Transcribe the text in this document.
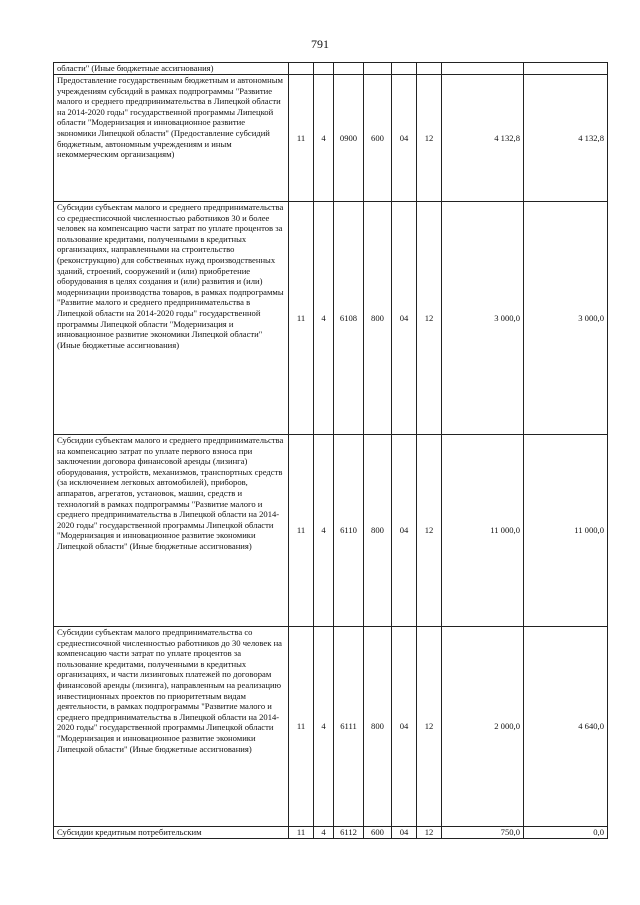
791
области" (Иные бюджетные ассигнования)								
Предоставление государственным бюджетным и автономным учреждениям субсидий в рамках подпрограммы "Развитие малого и среднего предпринимательства в Липецкой области на 2014-2020 годы" государственной программы Липецкой области "Модернизация и инновационное развитие экономики Липецкой области" (Предоставление субсидий бюджетным, автономным учреждениям и иным некоммерческим организациям)	11	4	0900	600	04	12	4 132,8	4 132,8
Субсидии субъектам малого и среднего предпринимательства со среднесписочной численностью работников 30 и более человек на компенсацию части затрат по уплате процентов за пользование кредитами, полученными в кредитных организациях, направленными на строительство (реконструкцию) для собственных нужд производственных зданий, строений, сооружений и (или) приобретение оборудования в целях создания и (или) развития и (или) модернизации производства товаров, в рамках подпрограммы "Развитие малого и среднего предпринимательства в Липецкой области на 2014-2020 годы" государственной программы Липецкой области "Модернизация и инновационное развитие экономики Липецкой области" (Иные бюджетные ассигнования)	11	4	6108	800	04	12	3 000,0	3 000,0
Субсидии субъектам малого и среднего предпринимательства на компенсацию затрат по уплате первого взноса при заключении договора финансовой аренды (лизинга) оборудования, устройств, механизмов, транспортных средств (за исключением легковых автомобилей), приборов, аппаратов, агрегатов, установок, машин, средств и технологий в рамках подпрограммы "Развитие малого и среднего предпринимательства в Липецкой области на 2014-2020 годы" государственной программы Липецкой области "Модернизация и инновационное развитие экономики Липецкой области" (Иные бюджетные ассигнования)	11	4	6110	800	04	12	11 000,0	11 000,0
Субсидии субъектам малого предпринимательства со среднесписочной численностью работников до 30 человек на компенсацию части затрат по уплате процентов за пользование кредитами, полученными в кредитных организациях, и части лизинговых платежей по договорам финансовой аренды (лизинга), направленным на реализацию инвестиционных проектов по приоритетным видам деятельности, в рамках подпрограммы "Развитие малого и среднего предпринимательства в Липецкой области на 2014-2020 годы" государственной программы Липецкой области "Модернизация и инновационное развитие экономики Липецкой области" (Иные бюджетные ассигнования)	11	4	6111	800	04	12	2 000,0	4 640,0
Субсидии кредитным потребительским	11	4	6112	600	04	12	750,0	0,0
